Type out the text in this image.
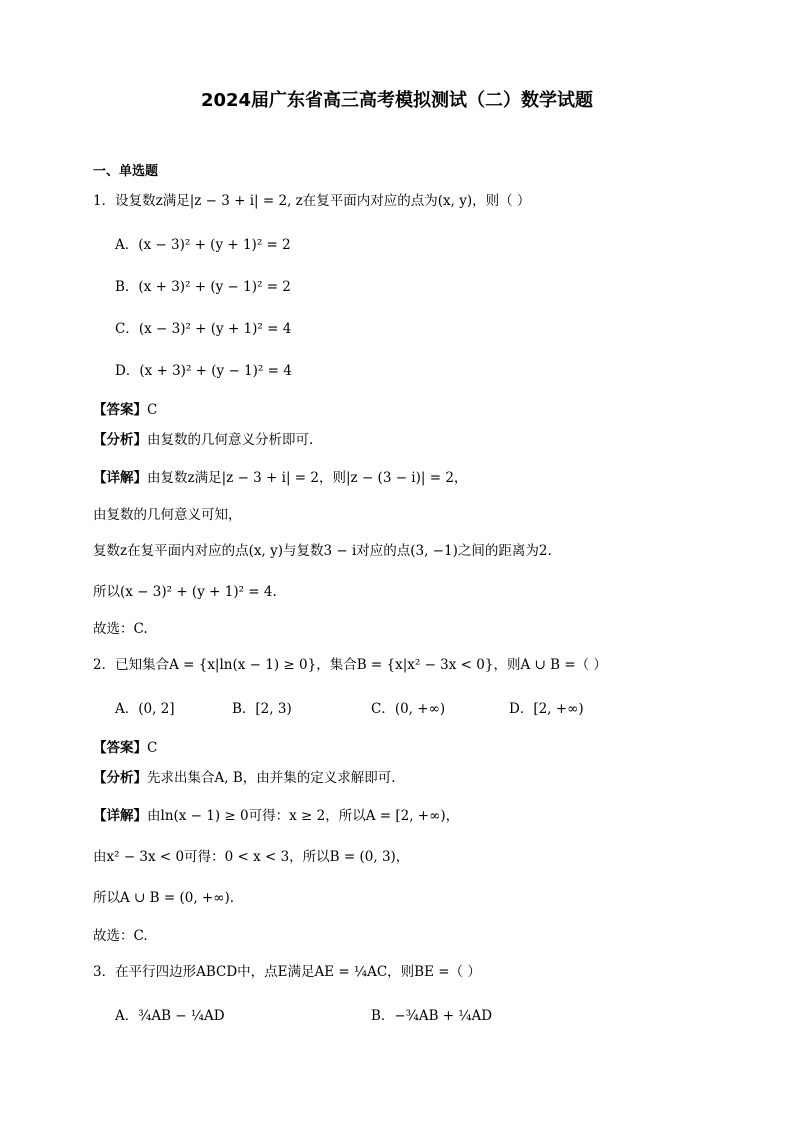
2024届广东省高三高考模拟测试（二）数学试题
一、单选题
1．设复数z满足|z − 3 + i| = 2, z在复平面内对应的点为(x, y)，则（ ）
A．(x − 3)² + (y + 1)² = 2
B．(x + 3)² + (y − 1)² = 2
C．(x − 3)² + (y + 1)² = 4
D．(x + 3)² + (y − 1)² = 4
【答案】C
【分析】由复数的几何意义分析即可.
【详解】由复数z满足|z − 3 + i| = 2，则|z − (3 − i)| = 2，
由复数的几何意义可知，
复数z在复平面内对应的点(x, y)与复数3 − i对应的点(3, −1)之间的距离为2.
所以(x − 3)² + (y + 1)² = 4.
故选：C.
2．已知集合A = {x|ln(x − 1) ≥ 0}，集合B = {x|x² − 3x < 0}，则A ∪ B =（ ）
A．(0, 2]	B．[2, 3)	C．(0, +∞)	D．[2, +∞)
【答案】C
【分析】先求出集合A, B，由并集的定义求解即可.
【详解】由ln(x − 1) ≥ 0可得：x ≥ 2，所以A = [2, +∞)，
由x² − 3x < 0可得：0 < x < 3，所以B = (0, 3)，
所以A ∪ B = (0, +∞).
故选：C.
3．在平行四边形ABCD中，点E满足AE = ¼AC，则BE =（ ）
A．¾AB − ¼AD	B．−¾AB + ¼AD
